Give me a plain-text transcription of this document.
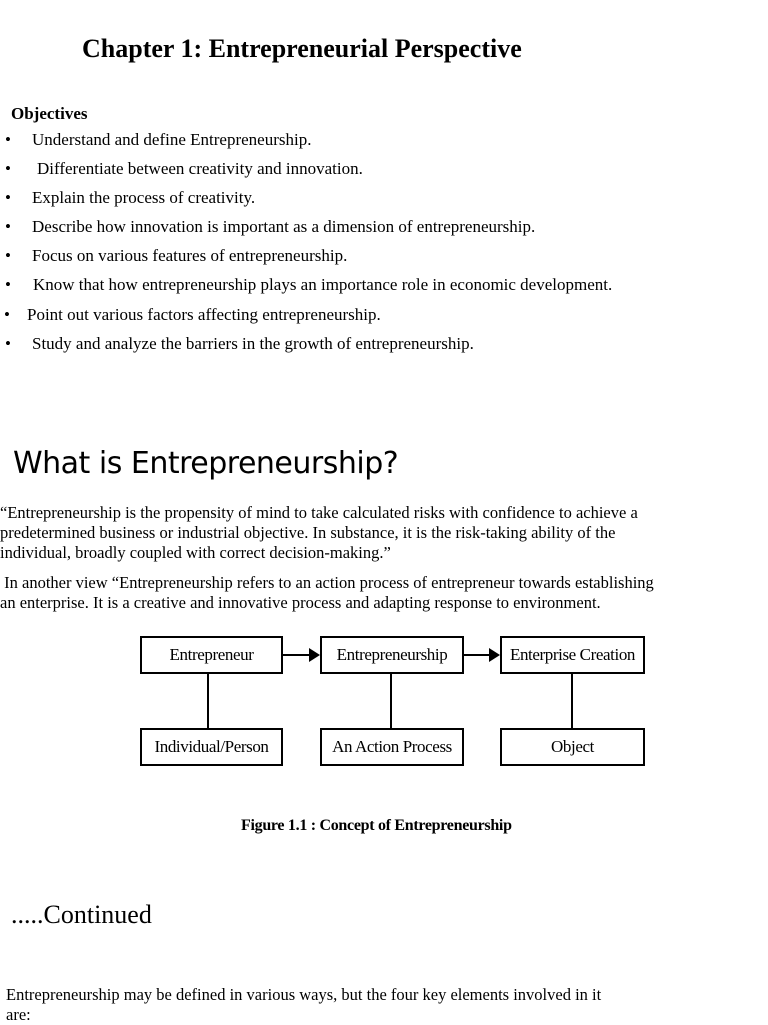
Chapter 1: Entrepreneurial Perspective
Objectives
• Understand and define Entrepreneurship.
• Differentiate between creativity and innovation.
• Explain the process of creativity.
• Describe how innovation is important as a dimension of entrepreneurship.
• Focus on various features of entrepreneurship.
• Know that how entrepreneurship plays an importance role in economic development.
• Point out various factors affecting entrepreneurship.
• Study and analyze the barriers in the growth of entrepreneurship.
What is Entrepreneurship?
“Entrepreneurship is the propensity of mind to take calculated risks with confidence to achieve a
predetermined business or industrial objective. In substance, it is the risk-taking ability of the
individual, broadly coupled with correct decision-making.”
In another view “Entrepreneurship refers to an action process of entrepreneur towards establishing
an enterprise. It is a creative and innovative process and adapting response to environment.
Entrepreneur	Entrepreneurship	Enterprise Creation
Individual/Person	An Action Process	Object
Figure 1.1 : Concept of Entrepreneurship
.....Continued
Entrepreneurship may be defined in various ways, but the four key elements involved in it
are:
